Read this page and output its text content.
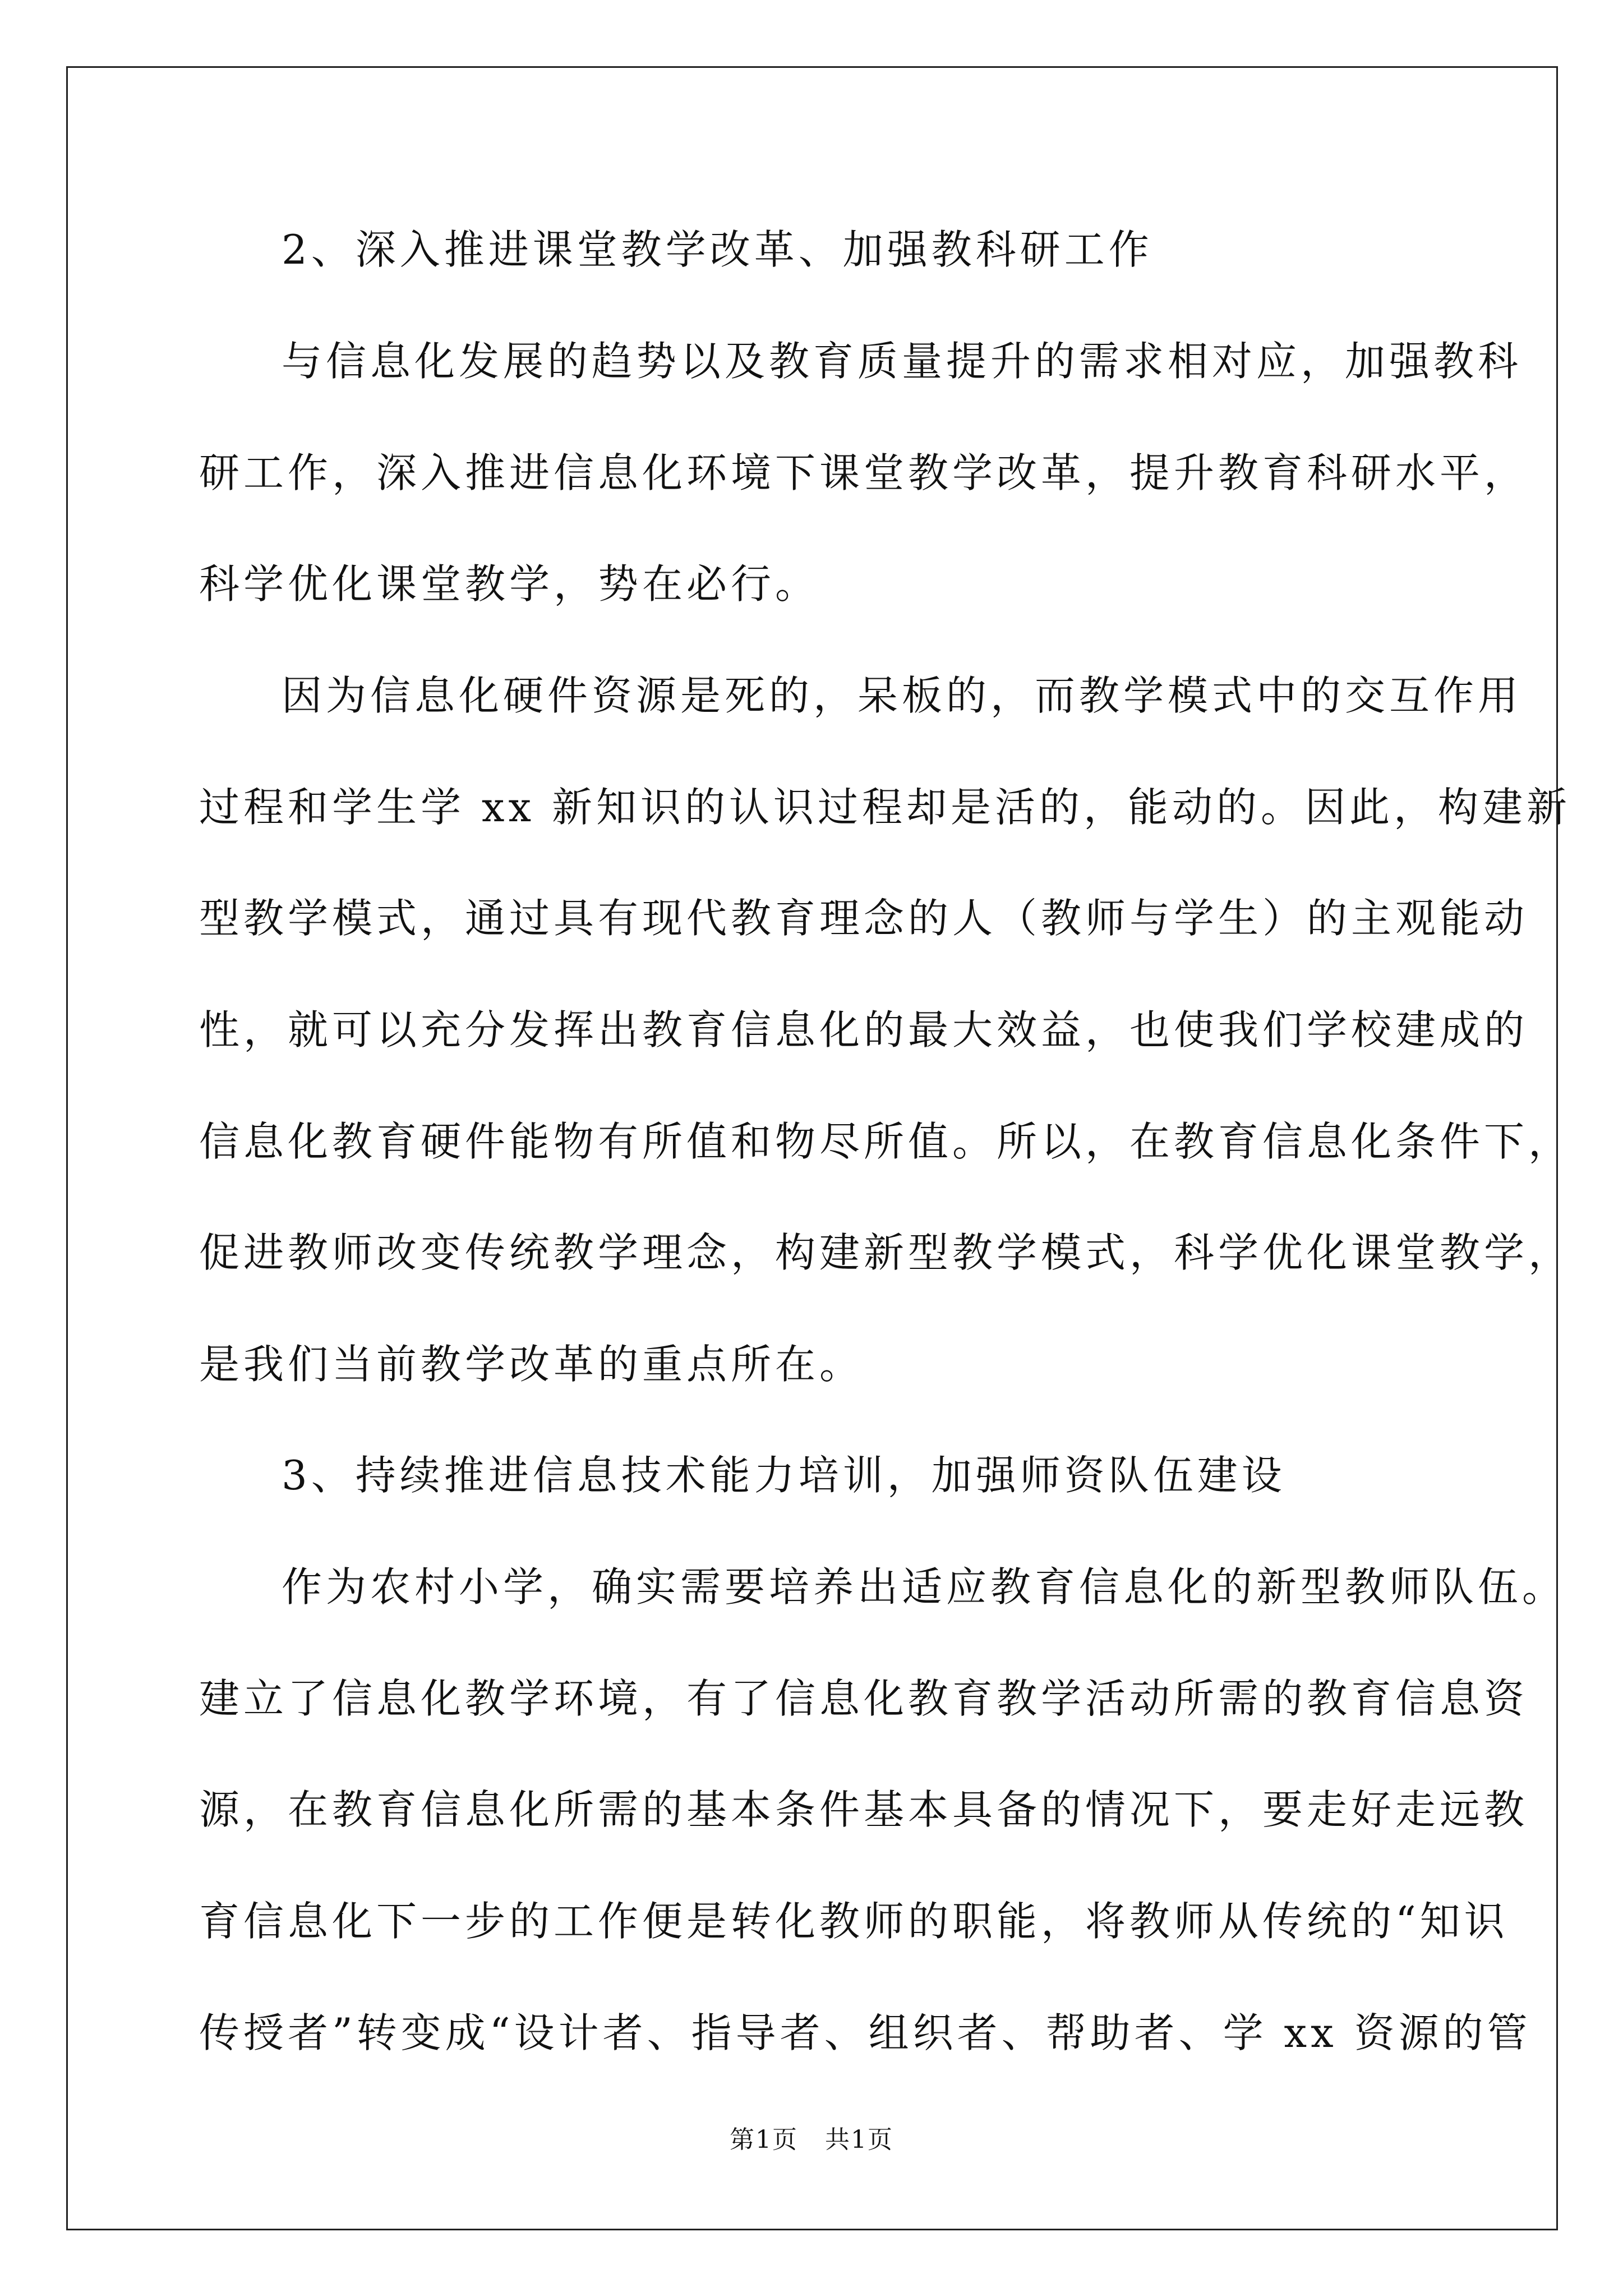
2、深入推进课堂教学改革、加强教科研工作
与信息化发展的趋势以及教育质量提升的需求相对应，加强教科
研工作，深入推进信息化环境下课堂教学改革，提升教育科研水平，
科学优化课堂教学，势在必行。
因为信息化硬件资源是死的，呆板的，而教学模式中的交互作用
过程和学生学 xx 新知识的认识过程却是活的，能动的。因此，构建新
型教学模式，通过具有现代教育理念的人（教师与学生）的主观能动
性，就可以充分发挥出教育信息化的最大效益，也使我们学校建成的
信息化教育硬件能物有所值和物尽所值。所以，在教育信息化条件下，
促进教师改变传统教学理念，构建新型教学模式，科学优化课堂教学，
是我们当前教学改革的重点所在。
3、持续推进信息技术能力培训，加强师资队伍建设
作为农村小学，确实需要培养出适应教育信息化的新型教师队伍。
建立了信息化教学环境，有了信息化教育教学活动所需的教育信息资
源，在教育信息化所需的基本条件基本具备的情况下，要走好走远教
育信息化下一步的工作便是转化教师的职能，将教师从传统的“知识
传授者”转变成“设计者、指导者、组织者、帮助者、学 xx 资源的管
第1页 共1页
